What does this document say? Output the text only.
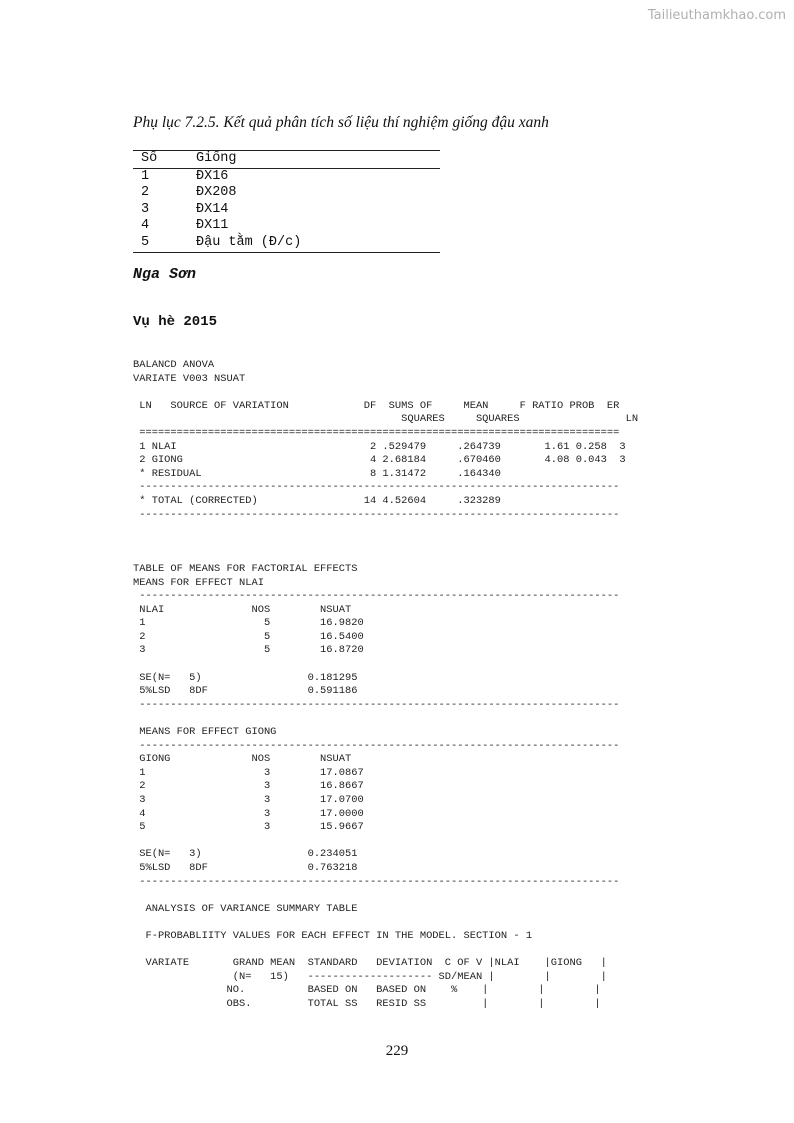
Tailieuthamkhao.com
Phụ lục 7.2.5. Kết quả phân tích số liệu thí nghiệm giống đậu xanh
Số	Giống
1	ĐX16
2	ĐX208
3	ĐX14
4	ĐX11
5	Đậu tằm (Đ/c)
Nga Sơn
Vụ hè 2015
BALANCD ANOVA
VARIATE V003 NSUAT
LN   SOURCE OF VARIATION            DF  SUMS OF     MEAN     F RATIO PROB  ER
SQUARES     SQUARES                 LN
=============================================================================
1 NLAI                               2 .529479     .264739       1.61 0.258  3
2 GIONG                              4 2.68184     .670460       4.08 0.043  3
* RESIDUAL                           8 1.31472     .164340
-----------------------------------------------------------------------------
* TOTAL (CORRECTED)                 14 4.52604     .323289
-----------------------------------------------------------------------------
TABLE OF MEANS FOR FACTORIAL EFFECTS
MEANS FOR EFFECT NLAI
-----------------------------------------------------------------------------
NLAI              NOS        NSUAT
1                   5        16.9820
2                   5        16.5400
3                   5        16.8720
SE(N=   5)                 0.181295
5%LSD   8DF                0.591186
-----------------------------------------------------------------------------
MEANS FOR EFFECT GIONG
-----------------------------------------------------------------------------
GIONG             NOS        NSUAT
1                   3        17.0867
2                   3        16.8667
3                   3        17.0700
4                   3        17.0000
5                   3        15.9667
SE(N=   3)                 0.234051
5%LSD   8DF                0.763218
-----------------------------------------------------------------------------
ANALYSIS OF VARIANCE SUMMARY TABLE
F-PROBABLIITY VALUES FOR EACH EFFECT IN THE MODEL. SECTION - 1
VARIATE       GRAND MEAN  STANDARD   DEVIATION  C OF V |NLAI    |GIONG   |
(N=   15)   -------------------- SD/MEAN |        |        |
NO.          BASED ON   BASED ON    %    |        |        |
OBS.         TOTAL SS   RESID SS         |        |        |
229
